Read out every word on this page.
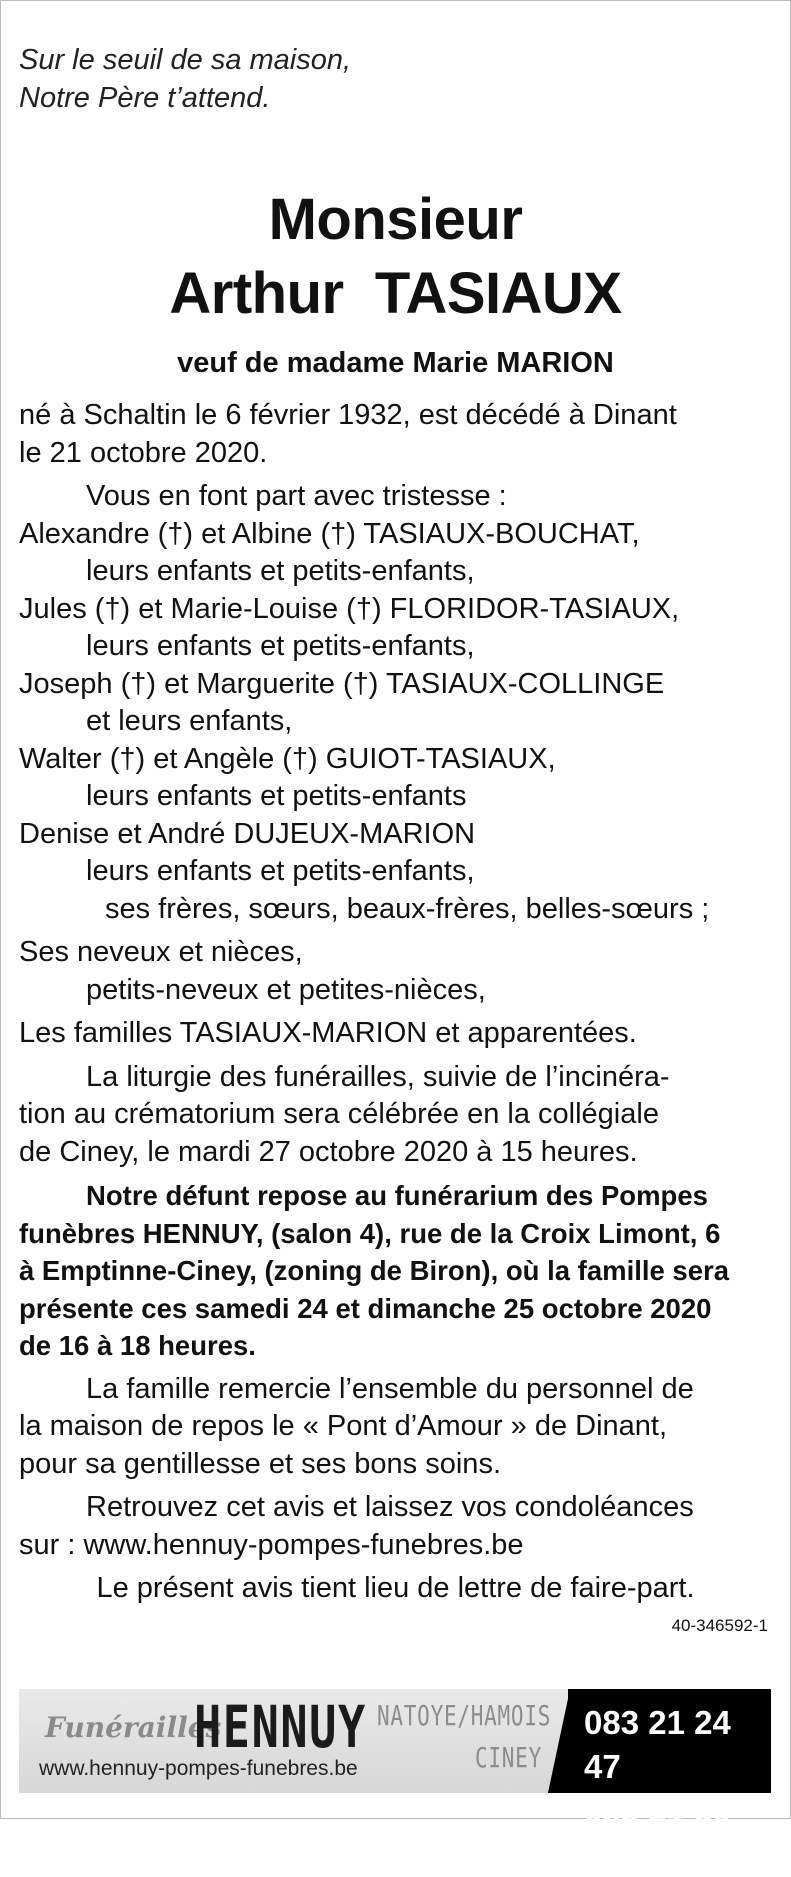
Sur le seuil de sa maison,
Notre Père t’attend.
Monsieur
Arthur  TASIAUX
veuf de madame Marie MARION

né à Schaltin le 6 février 1932, est décédé à Dinant

le 21 octobre 2020.

Vous en font part avec tristesse :

Alexandre (†) et Albine (†) TASIAUX-BOUCHAT,

leurs enfants et petits-enfants,

Jules (†) et Marie-Louise (†) FLORIDOR-TASIAUX,

leurs enfants et petits-enfants,

Joseph (†) et Marguerite (†) TASIAUX-COLLINGE

et leurs enfants,

Walter (†) et Angèle (†) GUIOT-TASIAUX,

leurs enfants et petits-enfants

Denise et André DUJEUX-MARION

leurs enfants et petits-enfants,

ses frères, sœurs, beaux-frères, belles-sœurs ;

Ses neveux et nièces,

petits-neveux et petites-nièces,

Les familles TASIAUX-MARION et apparentées.

La liturgie des funérailles, suivie de l’incinéra-

tion au crématorium sera célébrée en la collégiale

de Ciney, le mardi 27 octobre 2020 à 15 heures.

Notre défunt repose au funérarium des Pompes

funèbres HENNUY, (salon 4), rue de la Croix Limont, 6

à Emptinne-Ciney, (zoning de Biron), où la famille sera

présente ces samedi 24 et dimanche 25 octobre 2020

de 16 à 18 heures.

La famille remercie l’ensemble du personnel de

la maison de repos le « Pont d’Amour » de Dinant,

pour sa gentillesse et ses bons soins.

Retrouvez cet avis et laissez vos condoléances

sur : www.hennuy-pompes-funebres.be

Le présent avis tient lieu de lettre de faire-part.

40-346592-1
Funérailles
HENNUY NATOYE/HAMOIS
CINEY
www.hennuy-pompes-funebres.be
083 21 24 47
083 21 50 50
